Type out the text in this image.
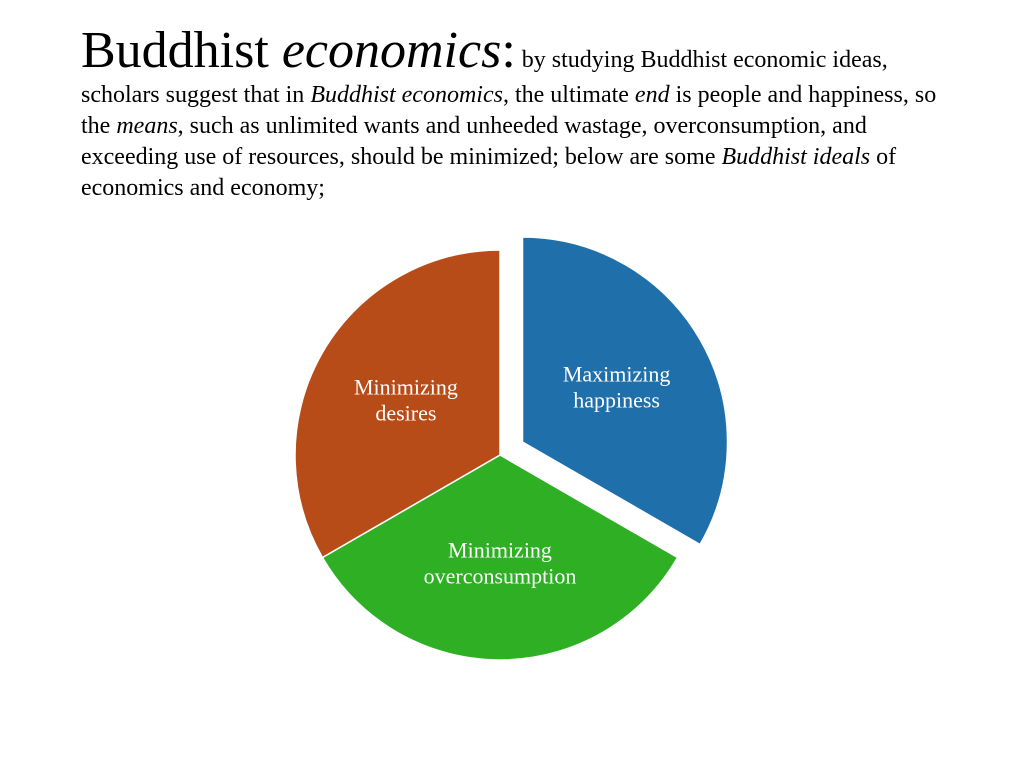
Buddhist economics: by studying Buddhist economic ideas, scholars suggest that in Buddhist economics, the ultimate end is people and happiness, so the means, such as unlimited wants and unheeded wastage, overconsumption, and exceeding use of resources, should be minimized; below are some Buddhist ideals of economics and economy;
Maximizing happiness
Minimizing overconsumption
Minimizing desires
